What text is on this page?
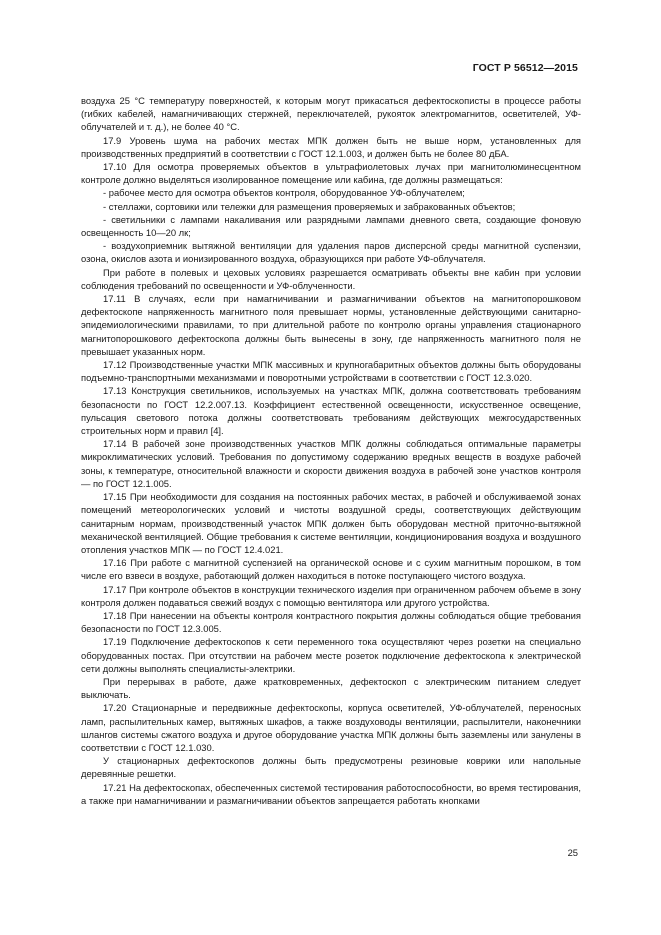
ГОСТ Р 56512—2015

воздуха 25 °C температуру поверхностей, к которым могут прикасаться дефектоскописты в процессе работы (гибких кабелей, намагничивающих стержней, переключателей, рукояток электромагнитов, осветителей, УФ-облучателей и т. д.), не более 40 °C.

17.9 Уровень шума на рабочих местах МПК должен быть не выше норм, установленных для производственных предприятий в соответствии с ГОСТ 12.1.003, и должен быть не более 80 дБА.

17.10 Для осмотра проверяемых объектов в ультрафиолетовых лучах при магнитолюминесцентном контроле должно выделяться изолированное помещение или кабина, где должны размещаться:

- рабочее место для осмотра объектов контроля, оборудованное УФ-облучателем;

- стеллажи, сортовики или тележки для размещения проверяемых и забракованных объектов;

- светильники с лампами накаливания или разрядными лампами дневного света, создающие фоновую освещенность 10—20 лк;

- воздухоприемник вытяжной вентиляции для удаления паров дисперсной среды магнитной суспензии, озона, окислов азота и ионизированного воздуха, образующихся при работе УФ-облучателя.

При работе в полевых и цеховых условиях разрешается осматривать объекты вне кабин при условии соблюдения требований по освещенности и УФ-облученности.

17.11 В случаях, если при намагничивании и размагничивании объектов на магнитопорошковом дефектоскопе напряженность магнитного поля превышает нормы, установленные действующими санитарно-эпидемиологическими правилами, то при длительной работе по контролю органы управления стационарного магнитопорошкового дефектоскопа должны быть вынесены в зону, где напряженность магнитного поля не превышает указанных норм.

17.12 Производственные участки МПК массивных и крупногабаритных объектов должны быть оборудованы подъемно-транспортными механизмами и поворотными устройствами в соответствии с ГОСТ 12.3.020.

17.13 Конструкция светильников, используемых на участках МПК, должна соответствовать требованиям безопасности по ГОСТ 12.2.007.13. Коэффициент естественной освещенности, искусственное освещение, пульсация светового потока должны соответствовать требованиям действующих межгосударственных строительных норм и правил [4].

17.14 В рабочей зоне производственных участков МПК должны соблюдаться оптимальные параметры микроклиматических условий. Требования по допустимому содержанию вредных веществ в воздухе рабочей зоны, к температуре, относительной влажности и скорости движения воздуха в рабочей зоне участков контроля — по ГОСТ 12.1.005.

17.15 При необходимости для создания на постоянных рабочих местах, в рабочей и обслуживаемой зонах помещений метеорологических условий и чистоты воздушной среды, соответствующих действующим санитарным нормам, производственный участок МПК должен быть оборудован местной приточно-вытяжной механической вентиляцией. Общие требования к системе вентиляции, кондиционирования воздуха и воздушного отопления участков МПК — по ГОСТ 12.4.021.

17.16 При работе с магнитной суспензией на органической основе и с сухим магнитным порошком, в том числе его взвеси в воздухе, работающий должен находиться в потоке поступающего чистого воздуха.

17.17 При контроле объектов в конструкции технического изделия при ограниченном рабочем объеме в зону контроля должен подаваться свежий воздух с помощью вентилятора или другого устройства.

17.18 При нанесении на объекты контроля контрастного покрытия должны соблюдаться общие требования безопасности по ГОСТ 12.3.005.

17.19 Подключение дефектоскопов к сети переменного тока осуществляют через розетки на специально оборудованных постах. При отсутствии на рабочем месте розеток подключение дефектоскопа к электрической сети должны выполнять специалисты-электрики.

При перерывах в работе, даже кратковременных, дефектоскоп с электрическим питанием следует выключать.

17.20 Стационарные и передвижные дефектоскопы, корпуса осветителей, УФ-облучателей, переносных ламп, распылительных камер, вытяжных шкафов, а также воздуховоды вентиляции, распылители, наконечники шлангов системы сжатого воздуха и другое оборудование участка МПК должны быть заземлены или занулены в соответствии с ГОСТ 12.1.030.

У стационарных дефектоскопов должны быть предусмотрены резиновые коврики или напольные деревянные решетки.

17.21 На дефектоскопах, обеспеченных системой тестирования работоспособности, во время тестирования, а также при намагничивании и размагничивании объектов запрещается работать кнопками

25
